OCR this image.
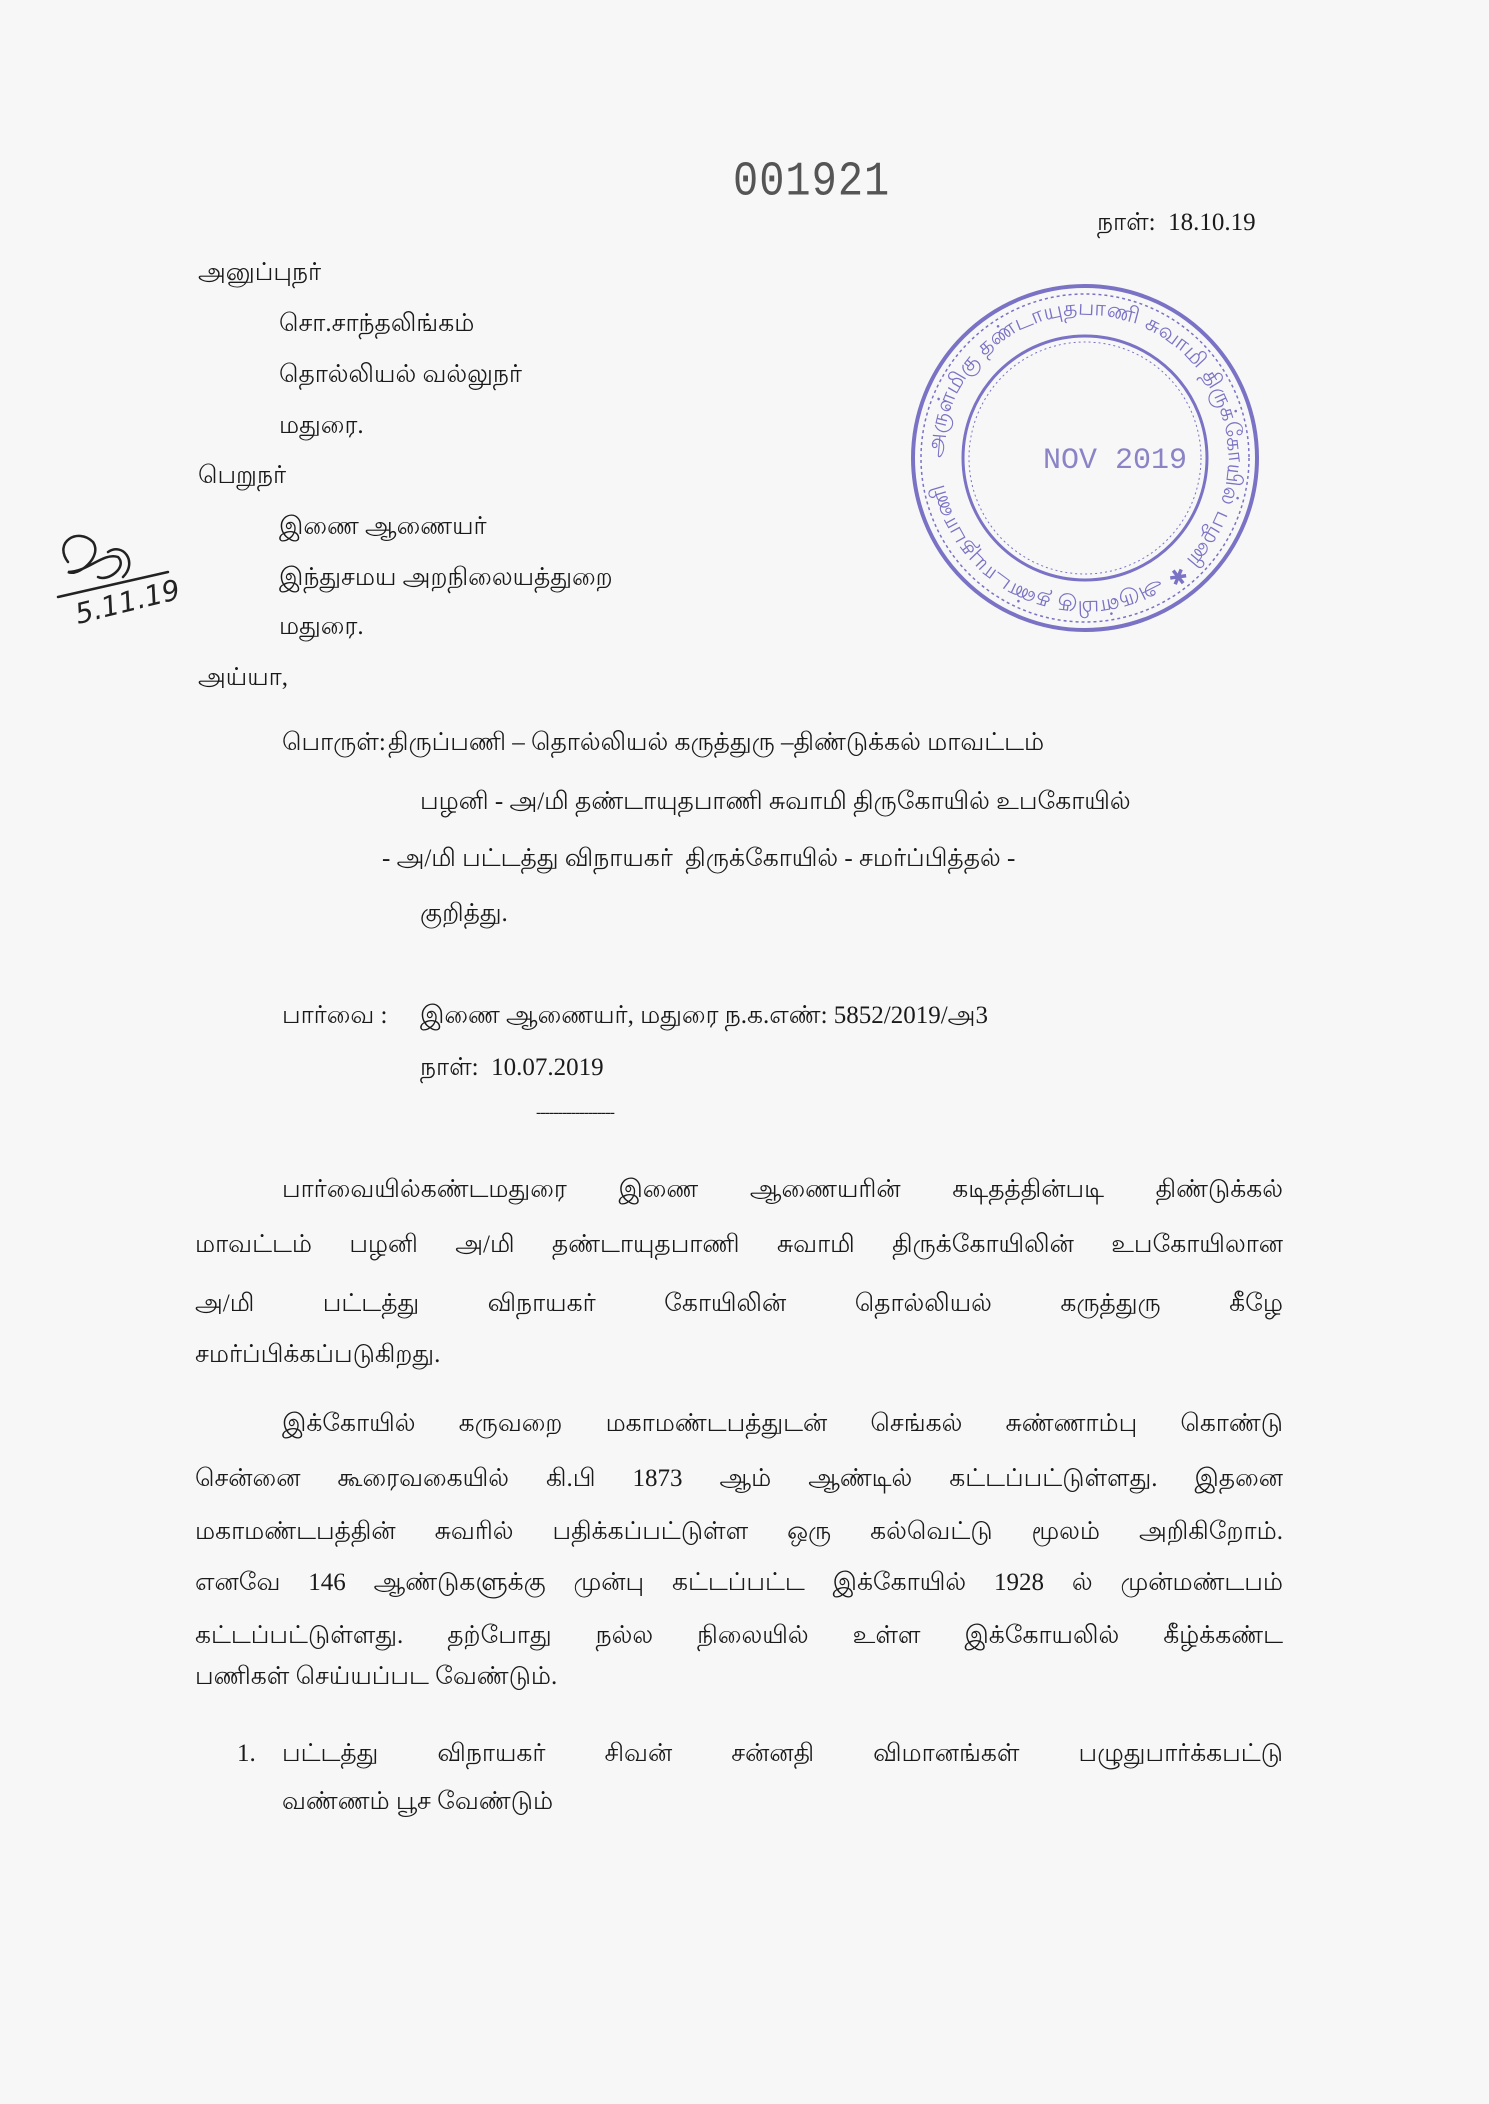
001921
நாள்: 18.10.19
அனுப்புநர்
சொ.சாந்தலிங்கம்
தொல்லியல் வல்லுநர்
மதுரை.
பெறுநர்
இணை ஆணையர்
இந்துசமய அறநிலையத்துறை
மதுரை.
அய்யா,
பொருள்: திருப்பணி – தொல்லியல் கருத்துரு –திண்டுக்கல் மாவட்டம்
பழனி - அ/மி தண்டாயுதபாணி சுவாமி திருகோயில் உபகோயில்
- அ/மி பட்டத்து விநாயகர்  திருக்கோயில் - சமர்ப்பித்தல் -
குறித்து.
பார்வை : இணை ஆணையர், மதுரை ந.க.எண்: 5852/2019/அ3
நாள்:  10.07.2019
------------------
பார்வையில்கண்டமதுரை இணை ஆணையரின் கடிதத்தின்படி திண்டுக்கல்
மாவட்டம் பழனி அ/மி தண்டாயுதபாணி சுவாமி திருக்கோயிலின் உபகோயிலான
அ/மி பட்டத்து விநாயகர் கோயிலின் தொல்லியல் கருத்துரு கீழே
சமர்ப்பிக்கப்படுகிறது.
இக்கோயில் கருவறை மகாமண்டபத்துடன் செங்கல் சுண்ணாம்பு கொண்டு
சென்னை கூரைவகையில் கி.பி 1873 ஆம் ஆண்டில் கட்டப்பட்டுள்ளது. இதனை
மகாமண்டபத்தின் சுவரில் பதிக்கப்பட்டுள்ள ஒரு கல்வெட்டு மூலம் அறிகிறோம்.
எனவே 146 ஆண்டுகளுக்கு முன்பு கட்டப்பட்ட இக்கோயில் 1928 ல் முன்மண்டபம்
கட்டப்பட்டுள்ளது. தற்போது நல்ல நிலையில் உள்ள இக்கோயலில் கீழ்க்கண்ட
பணிகள் செய்யப்பட வேண்டும்.
1. பட்டத்து விநாயகர் சிவன் சன்னதி விமானங்கள் பழுதுபார்க்கபட்டு
வண்ணம் பூச வேண்டும்
அருள்மிகு தண்டாயுதபாணி சுவாமி திருக்கோயில் பழனி ✱ அருள்மிகு தண்டாயுதபாணி
NOV 2019
5.11.19
